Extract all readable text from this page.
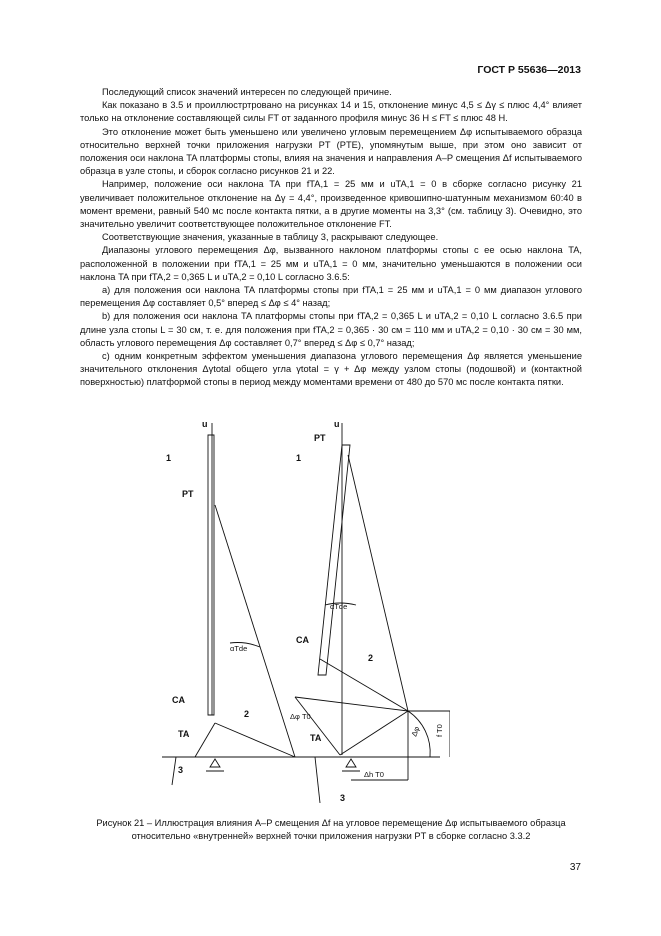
ГОСТ Р 55636—2013

Последующий список значений интересен по следующей причине.

Как показано в 3.5 и проиллюстртровано на рисунках 14 и 15, отклонение минус 4,5 ≤ Δγ ≤ плюс 4,4° влияет только на отклонение составляющей силы FT от заданного профиля минус 36 Н ≤ FT ≤ плюс 48 Н.

Это отклонение может быть уменьшено или увеличено угловым перемещением Δφ испытываемого образца относительно верхней точки приложения нагрузки PT (PTE), упомянутым выше, при этом оно зависит от положения оси наклона TA платформы стопы, влияя на значения и направления A–P смещения Δf испытываемого образца в узле стопы, и сборок согласно рисунков 21 и 22.

Например, положение оси наклона TA при fTA,1 = 25 мм и uTA,1 = 0 в сборке согласно рисунку 21 увеличивает положительное отклонение на Δγ = 4,4°, произведенное кривошипно-шатунным механизмом 60:40 в момент времени, равный 540 мс после контакта пятки, а в другие моменты на 3,3° (см. таблицу 3). Очевидно, это значительно увеличит соответствующее положительное отклонение FT.

Соответствующие значения, указанные в таблицу 3, раскрывают следующее.

Диапазоны углового перемещения Δφ, вызванного наклоном платформы стопы с ее осью наклона TA, расположенной в положении при fTA,1 = 25 мм и uTA,1 = 0 мм, значительно уменьшаются в положении оси наклона TA при fTA,2 = 0,365 L и uTA,2 = 0,10 L согласно 3.6.5:

a) для положения оси наклона TA платформы стопы при fTA,1 = 25 мм и uTA,1 = 0 мм диапазон углового перемещения Δφ составляет 0,5° вперед ≤ Δφ ≤ 4° назад;

b) для положения оси наклона TA платформы стопы при fTA,2 = 0,365 L и uTA,2 = 0,10 L согласно 3.6.5 при длине узла стопы L = 30 см, т. е. для положения при fTA,2 = 0,365 · 30 см = 110 мм и uTA,2 = 0,10 · 30 см = 30 мм, область углового перемещения Δφ составляет 0,7° вперед ≤ Δφ ≤ 0,7° назад;

c) одним конкретным эффектом уменьшения диапазона углового перемещения Δφ является уменьшение значительного отклонения Δγtotal общего угла γtotal = γ + Δφ между узлом стопы (подошвой) и (контактной поверхностью) платформой стопы в период между моментами времени от 480 до 570 мс после контакта пятки.

u
1
PT
CA
TA
2
3
u
1
PT
CA
TA
2
3
αTde
αTde
Δφ T0
Δh T0
f T0
Δφ
Рисунок 21 – Иллюстрация влияния A–P смещения Δf на угловое перемещение Δφ испытываемого образца относительно «внутренней» верхней точки приложения нагрузки PT в сборке согласно 3.3.2
37
